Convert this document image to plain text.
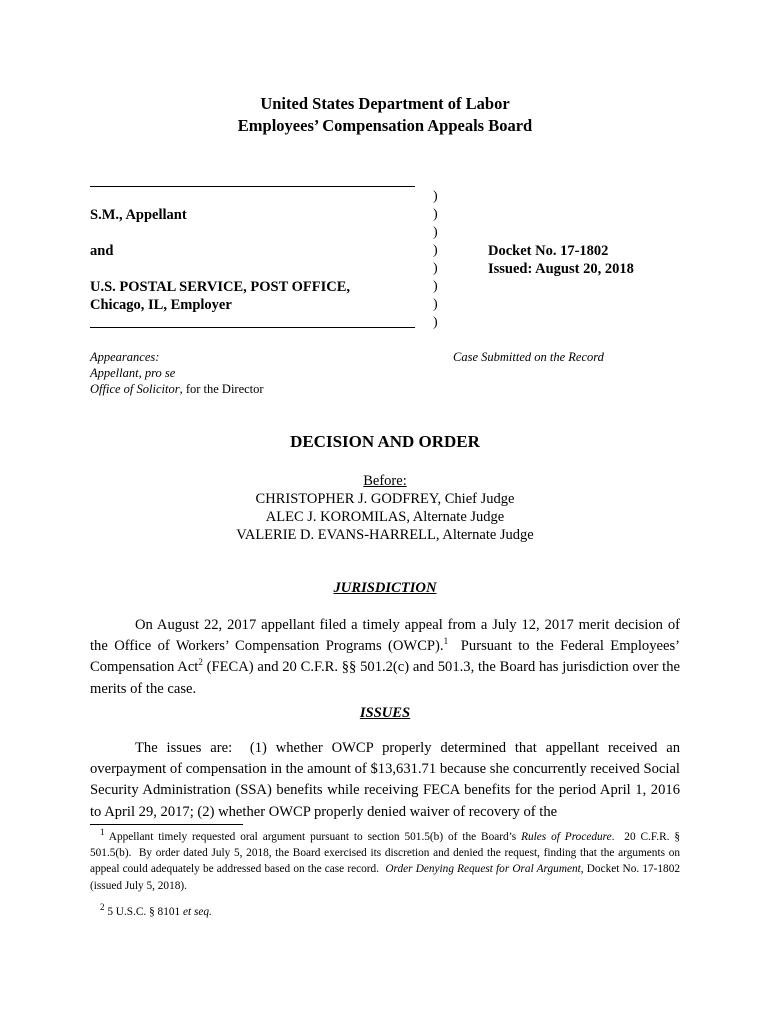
United States Department of Labor
Employees’ Compensation Appeals Board
S.M., Appellant
and
U.S. POSTAL SERVICE, POST OFFICE,
Chicago, IL, Employer
)
)
)
)
)
)
)
)
Docket No. 17-1802
Issued: August 20, 2018
Appearances:
Appellant, pro se
Office of Solicitor, for the Director
Case Submitted on the Record
DECISION AND ORDER
Before:
CHRISTOPHER J. GODFREY, Chief Judge
ALEC J. KOROMILAS, Alternate Judge
VALERIE D. EVANS-HARRELL, Alternate Judge
JURISDICTION
On August 22, 2017 appellant filed a timely appeal from a July 12, 2017 merit decision of the Office of Workers’ Compensation Programs (OWCP).$^1$  Pursuant to the Federal Employees’ Compensation Act$^2$ (FECA) and 20 C.F.R. §§ 501.2(c) and 501.3, the Board has jurisdiction over the merits of the case.
ISSUES
The issues are:  (1) whether OWCP properly determined that appellant received an overpayment of compensation in the amount of $13,631.71 because she concurrently received Social Security Administration (SSA) benefits while receiving FECA benefits for the period April 1, 2016 to April 29, 2017; (2) whether OWCP properly denied waiver of recovery of the
$^1$ Appellant timely requested oral argument pursuant to section 501.5(b) of the Board’s Rules of Procedure.  20 C.F.R. § 501.5(b).  By order dated July 5, 2018, the Board exercised its discretion and denied the request, finding that the arguments on appeal could adequately be addressed based on the case record.  Order Denying Request for Oral Argument, Docket No. 17-1802 (issued July 5, 2018).
$^2$ 5 U.S.C. § 8101 et seq.
